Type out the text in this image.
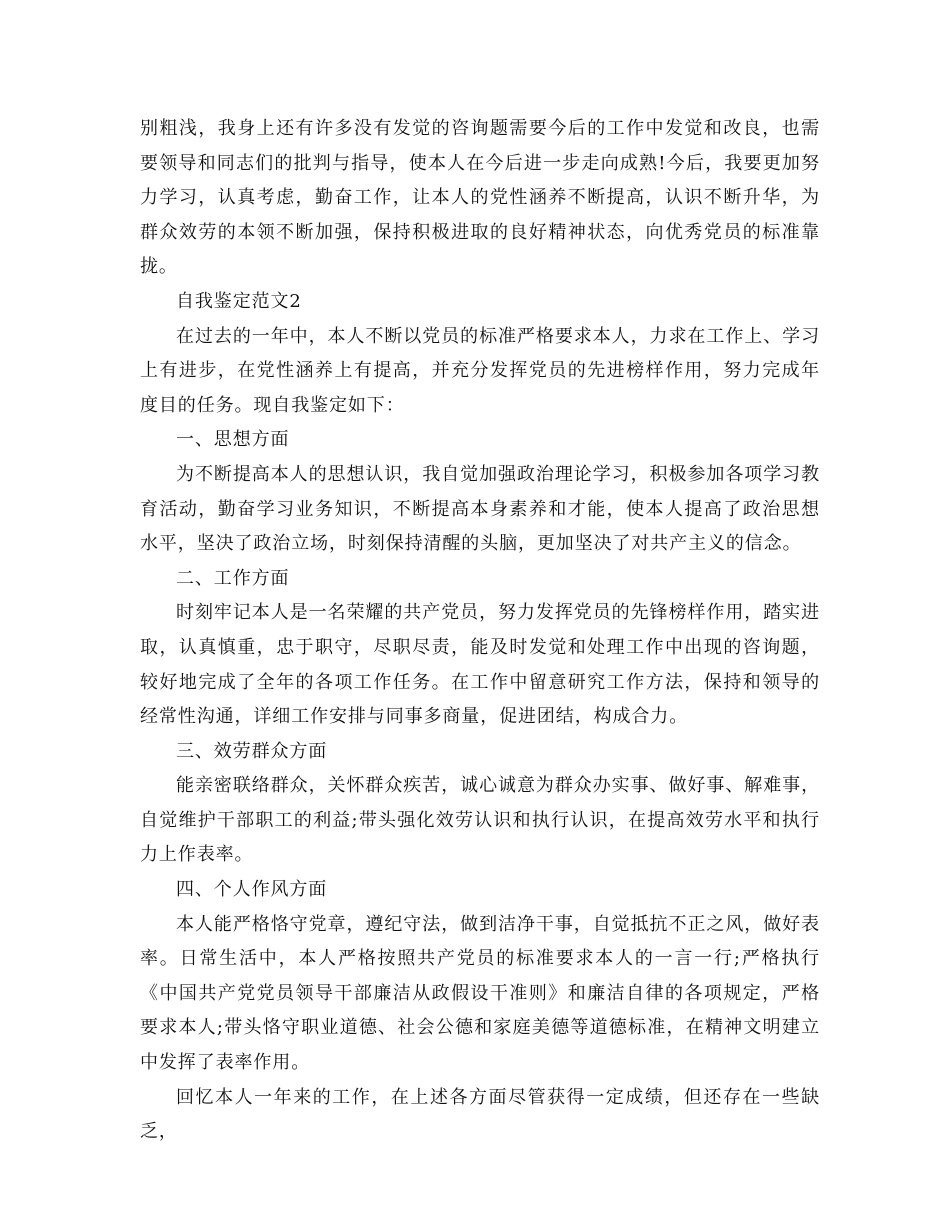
别粗浅，我身上还有许多没有发觉的咨询题需要今后的工作中发觉和改良，也需要领导和同志们的批判与指导，使本人在今后进一步走向成熟!今后，我要更加努力学习，认真考虑，勤奋工作，让本人的党性涵养不断提高，认识不断升华，为群众效劳的本领不断加强，保持积极进取的良好精神状态，向优秀党员的标准靠拢。

自我鉴定范文2

在过去的一年中，本人不断以党员的标准严格要求本人，力求在工作上、学习上有进步，在党性涵养上有提高，并充分发挥党员的先进榜样作用，努力完成年度目的任务。现自我鉴定如下：

一、思想方面

为不断提高本人的思想认识，我自觉加强政治理论学习，积极参加各项学习教育活动，勤奋学习业务知识，不断提高本身素养和才能，使本人提高了政治思想水平，坚决了政治立场，时刻保持清醒的头脑，更加坚决了对共产主义的信念。

二、工作方面

时刻牢记本人是一名荣耀的共产党员，努力发挥党员的先锋榜样作用，踏实进取，认真慎重，忠于职守，尽职尽责，能及时发觉和处理工作中出现的咨询题，较好地完成了全年的各项工作任务。在工作中留意研究工作方法，保持和领导的经常性沟通，详细工作安排与同事多商量，促进团结，构成合力。

三、效劳群众方面

能亲密联络群众，关怀群众疾苦，诚心诚意为群众办实事、做好事、解难事，自觉维护干部职工的利益;带头强化效劳认识和执行认识，在提高效劳水平和执行力上作表率。

四、个人作风方面

本人能严格恪守党章，遵纪守法，做到洁净干事，自觉抵抗不正之风，做好表率。日常生活中，本人严格按照共产党员的标准要求本人的一言一行;严格执行《中国共产党党员领导干部廉洁从政假设干准则》和廉洁自律的各项规定，严格要求本人;带头恪守职业道德、社会公德和家庭美德等道德标准，在精神文明建立中发挥了表率作用。

回忆本人一年来的工作，在上述各方面尽管获得一定成绩，但还存在一些缺乏，
